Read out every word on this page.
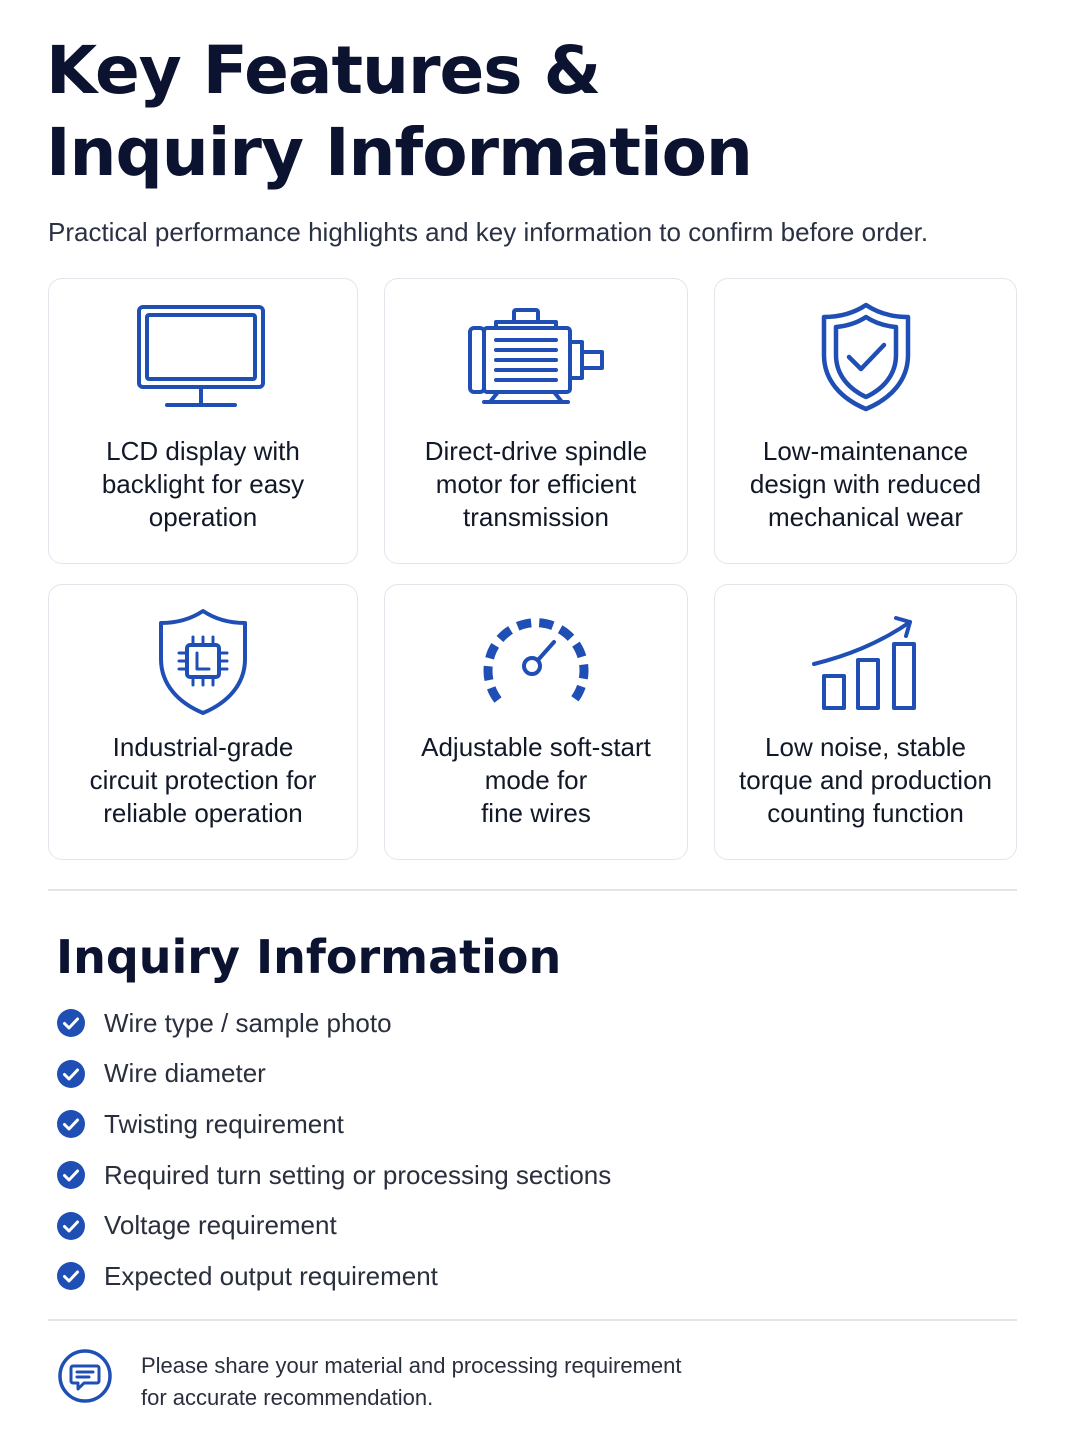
Key Features &
Inquiry Information
Practical performance highlights and key information to confirm before order.
LCD display with
backlight for easy
operation
Direct-drive spindle
motor for efficient
transmission
Low-maintenance
design with reduced
mechanical wear
Industrial-grade
circuit protection for
reliable operation
Adjustable soft-start
mode for
fine wires
Low noise, stable
torque and production
counting function
Inquiry Information
Wire type / sample photo
Wire diameter
Twisting requirement
Required turn setting or processing sections
Voltage requirement
Expected output requirement
Please share your material and processing requirement
for accurate recommendation.
